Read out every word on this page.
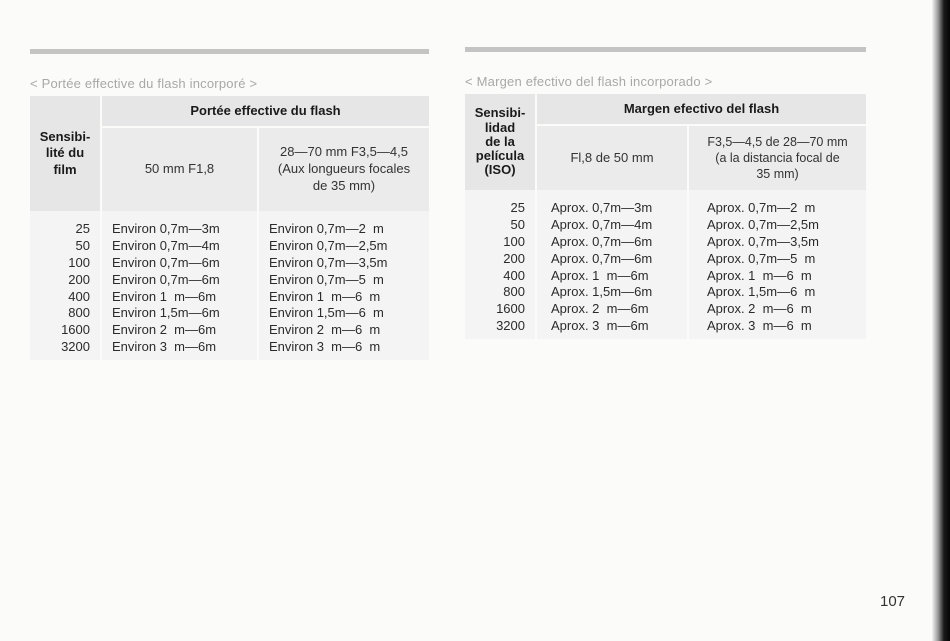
< Portée effective du flash incorporé >
Sensibi-
lité du
film	Portée effective du flash	
	50 mm F1,8	28—70 mm F3,5—4,5
(Aux longueurs focales
de 35 mm)

25	Environ 0,7m—3m	Environ 0,7m—2  m
50	Environ 0,7m—4m	Environ 0,7m—2,5m
100	Environ 0,7m—6m	Environ 0,7m—3,5m
200	Environ 0,7m—6m	Environ 0,7m—5  m
400	Environ 1  m—6m	Environ 1  m—6  m
800	Environ 1,5m—6m	Environ 1,5m—6  m
1600	Environ 2  m—6m	Environ 2  m—6  m
3200	Environ 3  m—6m	Environ 3  m—6  m

< Margen efectivo del flash incorporado >
Sensibi-
lidad
de la
película
(ISO)	Margen efectivo del flash	
	Fl,8 de 50 mm	F3,5—4,5 de 28—70 mm
(a la distancia focal de
35 mm)

25	Aprox. 0,7m—3m	Aprox. 0,7m—2  m
50	Aprox. 0,7m—4m	Aprox. 0,7m—2,5m
100	Aprox. 0,7m—6m	Aprox. 0,7m—3,5m
200	Aprox. 0,7m—6m	Aprox. 0,7m—5  m
400	Aprox. 1  m—6m	Aprox. 1  m—6  m
800	Aprox. 1,5m—6m	Aprox. 1,5m—6  m
1600	Aprox. 2  m—6m	Aprox. 2  m—6  m
3200	Aprox. 3  m—6m	Aprox. 3  m—6  m

107
